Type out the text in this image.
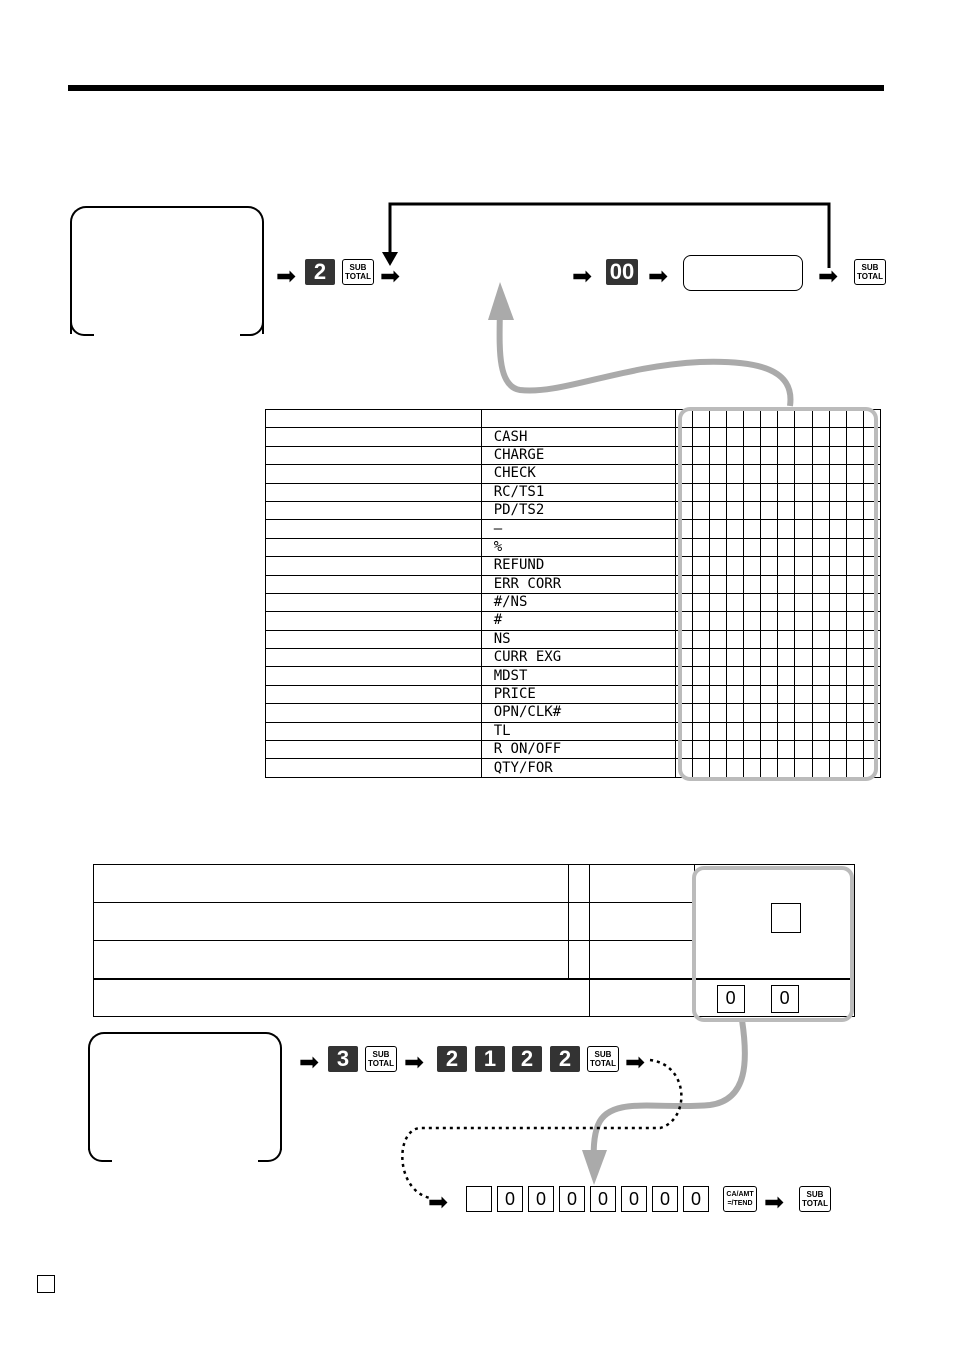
➡ 2	SUB
TOTAL ➡	➡ 00 ➡	➡	SUB
TOTAL

	CASH												
	CHARGE												
	CHECK												
	RC/TS1												
	PD/TS2												
	–												
	%												
	REFUND												
	ERR CORR												
	#/NS												
	#												
	NS												
	CURR EXG												
	MDST												
	PRICE												
	OPN/CLK#												
	TL												
	R ON/OFF												
	QTY/FOR												

			0 0
➡ 3	SUB
TOTAL ➡ 2 1 2 2	SUB
TOTAL ➡
➡	0 0 0 0 0 0 0	CA/AMT
=/TEND ➡	SUB
TOTAL
